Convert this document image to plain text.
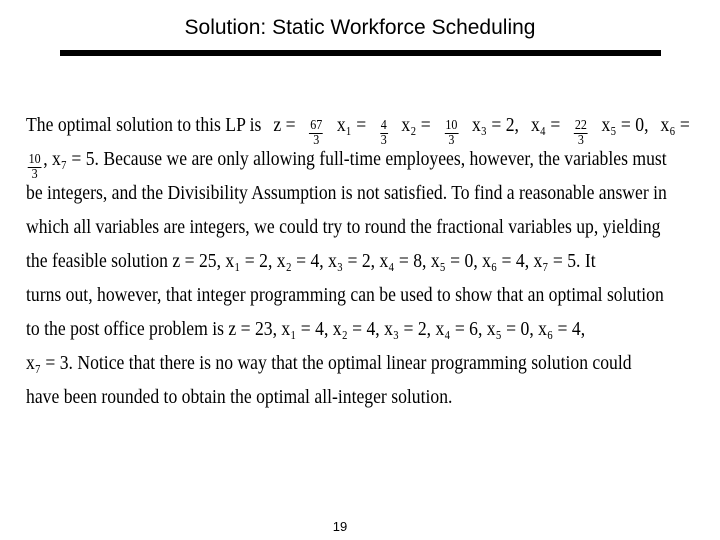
Solution: Static Workforce Scheduling
The optimal solution to this LP is $z = \frac{67}{3} x_1 = \frac{4}{3} x_2 = \frac{10}{3} x_3 = 2$, $x_4 = \frac{22}{3} x_5 = 0$, x₆ =
$\frac{10}{3}$ , x₇ = 5. Because we are only allowing full-time employees, however, the variables must
be integers, and the Divisibility Assumption is not satisfied. To find a reasonable answer in
which all variables are integers, we could try to round the fractional variables up, yielding
the feasible solution z = 25, x₁ = 2, x₂ = 4, x₃ = 2, x₄ = 8, x₅ = 0, x₆ = 4, x₇ = 5. It
turns out, however, that integer programming can be used to show that an optimal solution
to the post office problem is z = 23, x₁ = 4, x₂ = 4, x₃ = 2, x₄ = 6, x₅ = 0, x₆ = 4,
x₇ = 3. Notice that there is no way that the optimal linear programming solution could
have been rounded to obtain the optimal all-integer solution.
19
